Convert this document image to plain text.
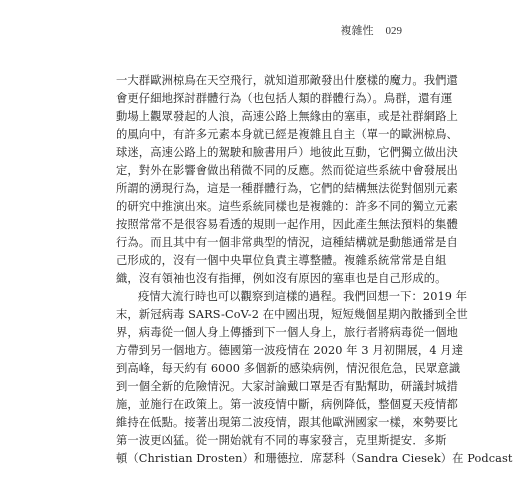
複雜性 029
一大群歐洲椋鳥在天空飛行，就知道那敵發出什麼樣的魔力。我們還
會更仔細地探討群體行為（也包括人類的群體行為）。鳥群，還有運
動場上觀眾發起的人浪，高速公路上無緣由的塞車，或是社群網路上
的風向中，有許多元素本身就已經是複雜且自主（單一的歐洲椋鳥、
球迷，高速公路上的駕駛和臉書用戶）地彼此互動，它們獨立做出決
定，對外在影響會做出稍微不同的反應。然而從這些系統中會發展出
所謂的湧現行為，這是一種群體行為，它們的結構無法從對個別元素
的研究中推演出來。這些系統同樣也是複雜的：許多不同的獨立元素
按照常常不是很容易看透的規則一起作用，因此產生無法預料的集體
行為。而且其中有一個非常典型的情況，這種結構就是動態通常是自
己形成的，沒有一個中央單位負責主導整體。複雜系統常常是自組
織，沒有領袖也沒有指揮，例如沒有原因的塞車也是自己形成的。
疫情大流行時也可以觀察到這樣的過程。我們回想一下：2019 年
末，新冠病毒 SARS-CoV-2 在中國出現，短短幾個星期內散播到全世
界，病毒從一個人身上傳播到下一個人身上，旅行者將病毒從一個地
方帶到另一個地方。德國第一波疫情在 2020 年 3 月初開展，4 月達
到高峰，每天約有 6000 多個新的感染病例，情況很危急，民眾意識
到一個全新的危險情況。大家討論戴口罩是否有點幫助，研議封城措
施，並施行在政策上。第一波疫情中斷，病例降低，整個夏天疫情都
維持在低點。接著出現第二波疫情，跟其他歐洲國家一樣，來勢要比
第一波更凶猛。從一開始就有不同的專家發言，克里斯提安．多斯
頓（Christian Drosten）和珊德拉．席瑟科（Sandra Ciesek）在 Podcast
